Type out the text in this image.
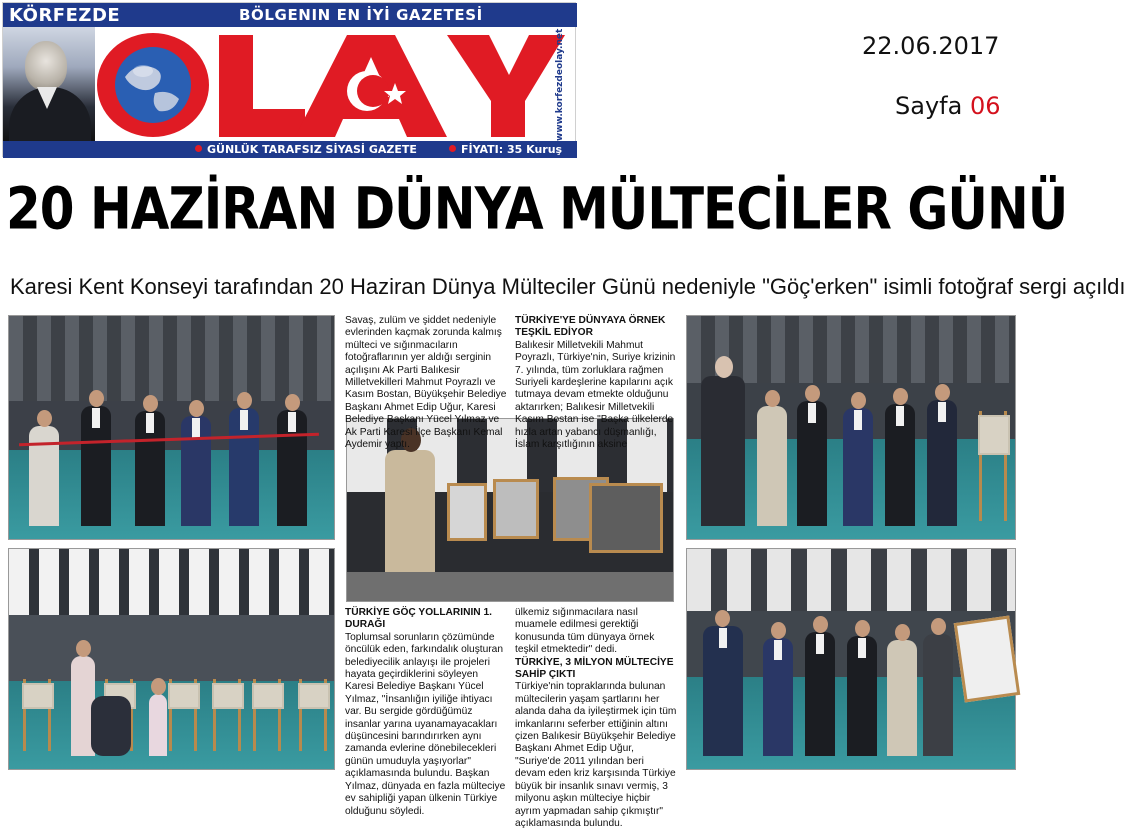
KÖRFEZDE	BÖLGENIN EN İYİ GAZETESİ
www.korfezdeolay.net
GÜNLÜK TARAFSIZ SİYASİ GAZETE	FİYATI: 35 Kuruş
22.06.2017
Sayfa 06
20 HAZİRAN DÜNYA MÜLTECİLER GÜNÜ
Karesi Kent Konseyi tarafından 20 Haziran Dünya Mülteciler Günü nedeniyle "Göç'erken" isimli fotoğraf sergi açıldı

Savaş, zulüm ve şiddet nedeniyle evlerinden kaçmak zorunda kalmış mülteci ve sığınmacıların fotoğraflarının yer aldığı serginin açılışını Ak Parti Balıkesir Milletvekilleri Mahmut Poyrazlı ve Kasım Bostan, Büyükşehir Belediye Başkanı Ahmet Edip Uğur, Karesi Belediye Başkanı Yücel Yılmaz ve Ak Parti Karesi İlçe Başkanı Kemal Aydemir yaptı.

TÜRKİYE'YE DÜNYAYA ÖRNEK TEŞKİL EDİYOR

Balıkesir Milletvekili Mahmut Poyrazlı, Türkiye'nin, Suriye krizinin 7. yılında, tüm zorluklara rağmen Suriyeli kardeşlerine kapılarını açık tutmaya devam etmekte olduğunu aktarırken; Balıkesir Milletvekili Kasım Bostan ise "Başka ülkelerde hızla artan yabancı düşmanlığı, İslam karşıtlığının aksine

TÜRKİYE GÖÇ YOLLARININ 1. DURAĞI

Toplumsal sorunların çözümünde öncülük eden, farkındalık oluşturan belediyecilik anlayışı ile projeleri hayata geçirdiklerini söyleyen Karesi Belediye Başkanı Yücel Yılmaz, "İnsanlığın iyiliğe ihtiyacı var. Bu sergide gördüğümüz insanlar yarına uyanamayacakları düşüncesini barındırırken aynı zamanda evlerine dönebilecekleri günün umuduyla yaşıyorlar" açıklamasında bulundu. Başkan Yılmaz, dünyada en fazla mülteciye ev sahipliği yapan ülkenin Türkiye olduğunu söyledi.

ülkemiz sığınmacılara nasıl muamele edilmesi gerektiği konusunda tüm dünyaya örnek teşkil etmektedir" dedi.

TÜRKİYE, 3 MİLYON MÜLTECİYE SAHİP ÇIKTI

Türkiye'nin topraklarında bulunan mültecilerin yaşam şartlarını her alanda daha da iyileştirmek için tüm imkanlarını seferber ettiğinin altını çizen Balıkesir Büyükşehir Belediye Başkanı Ahmet Edip Uğur, "Suriye'de 2011 yılından beri devam eden kriz karşısında Türkiye büyük bir insanlık sınavı vermiş, 3 milyonu aşkın mülteciye hiçbir ayrım yapmadan sahip çıkmıştır" açıklamasında bulundu.
